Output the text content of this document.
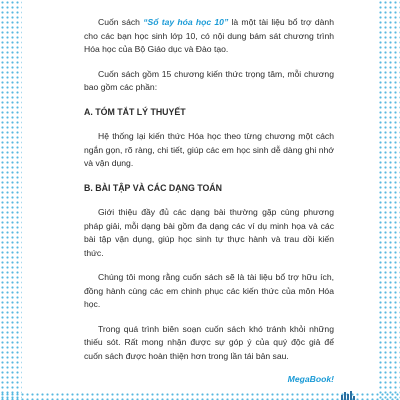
Cuốn sách “Sổ tay hóa học 10” là một tài liệu bổ trợ dành cho các bạn học sinh lớp 10, có nội dung bám sát chương trình Hóa học của Bộ Giáo dục và Đào tạo.

Cuốn sách gồm 15 chương kiến thức trọng tâm, mỗi chương bao gồm các phần:

A. TÓM TẮT LÝ THUYẾT

Hệ thống lại kiến thức Hóa học theo từng chương một cách ngắn gọn, rõ ràng, chi tiết, giúp các em học sinh dễ dàng ghi nhớ và vận dụng.

B. BÀI TẬP VÀ CÁC DẠNG TOÁN

Giới thiệu đầy đủ các dạng bài thường gặp cùng phương pháp giải, mỗi dạng bài gồm đa dạng các ví dụ minh họa và các bài tập vận dụng, giúp học sinh tự thực hành và trau dồi kiến thức.

Chúng tôi mong rằng cuốn sách sẽ là tài liệu bổ trợ hữu ích, đồng hành cùng các em chinh phục các kiến thức của môn Hóa học.

Trong quá trình biên soạn cuốn sách khó tránh khỏi những thiếu sót. Rất mong nhận được sự góp ý của quý độc giả để cuốn sách được hoàn thiện hơn trong lần tái bản sau.

MegaBook!
